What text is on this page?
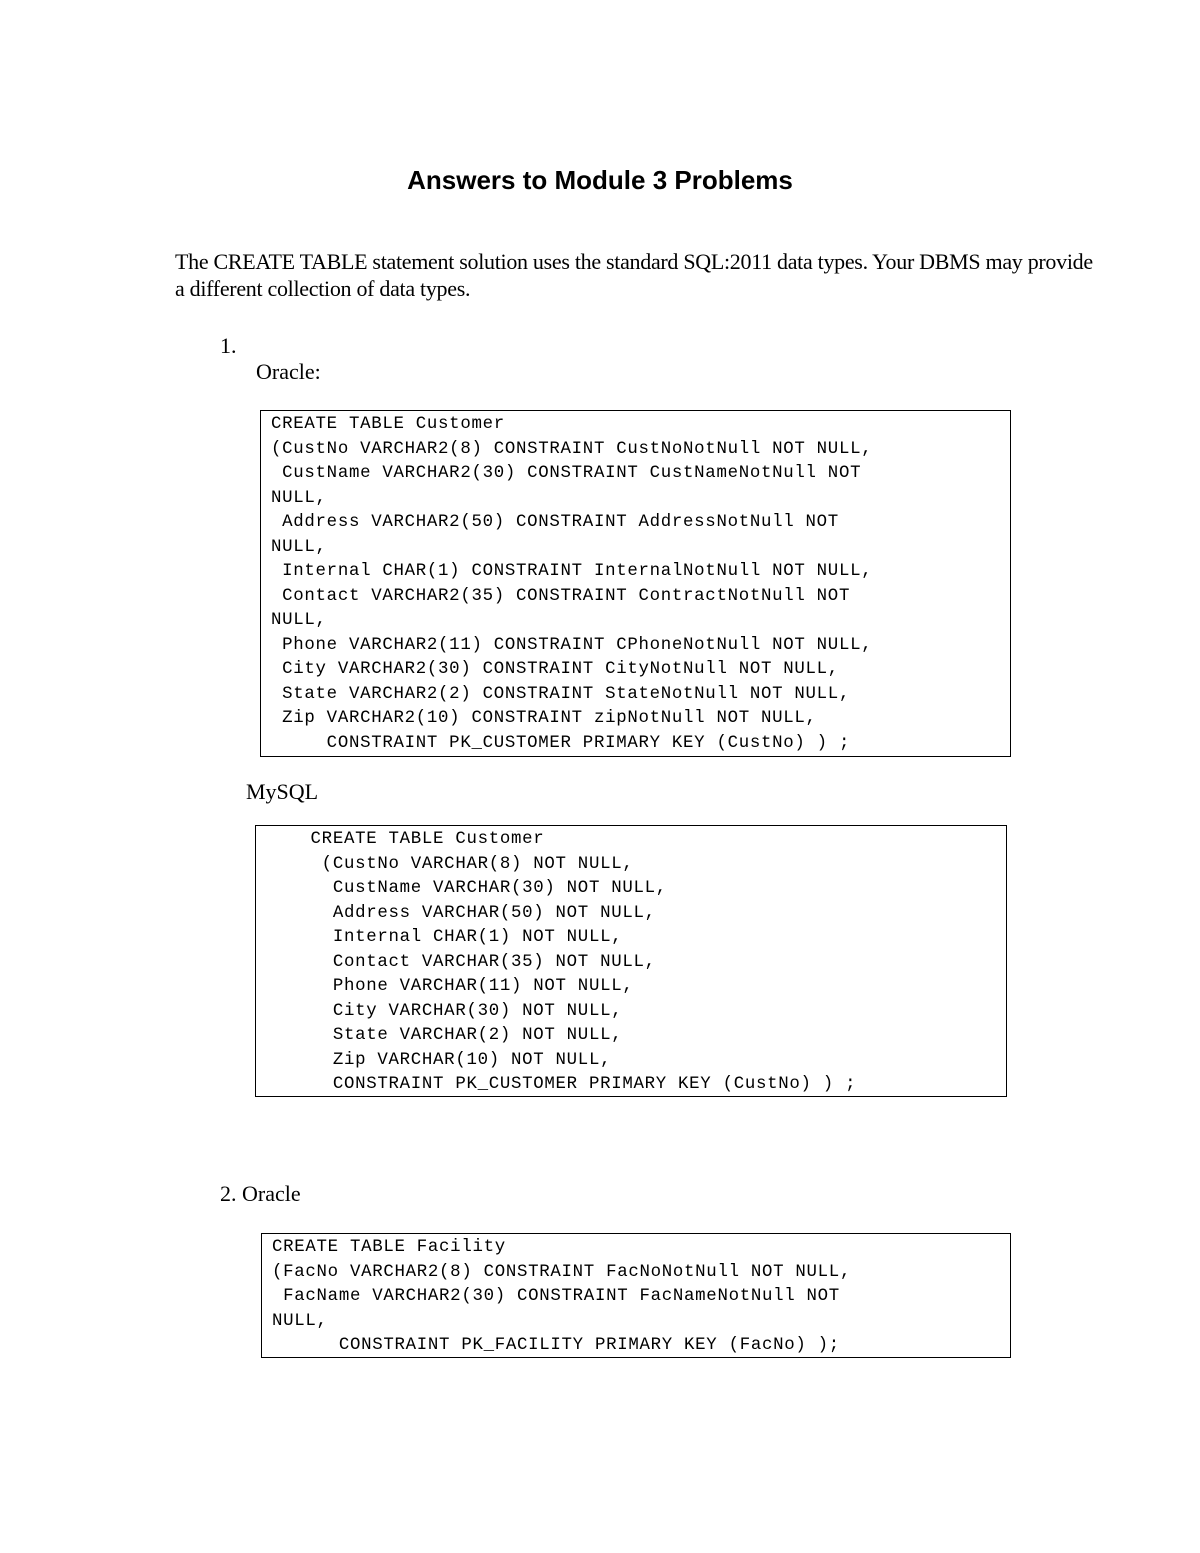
Answers to Module 3 Problems
The CREATE TABLE statement solution uses the standard SQL:2011 data types. Your DBMS may provide a different collection of data types.
1.
Oracle:
CREATE TABLE Customer
(CustNo VARCHAR2(8) CONSTRAINT CustNoNotNull NOT NULL,
CustName VARCHAR2(30) CONSTRAINT CustNameNotNull NOT
NULL,
Address VARCHAR2(50) CONSTRAINT AddressNotNull NOT
NULL,
Internal CHAR(1) CONSTRAINT InternalNotNull NOT NULL,
Contact VARCHAR2(35) CONSTRAINT ContractNotNull NOT
NULL,
Phone VARCHAR2(11) CONSTRAINT CPhoneNotNull NOT NULL,
City VARCHAR2(30) CONSTRAINT CityNotNull NOT NULL,
State VARCHAR2(2) CONSTRAINT StateNotNull NOT NULL,
Zip VARCHAR2(10) CONSTRAINT zipNotNull NOT NULL,
CONSTRAINT PK_CUSTOMER PRIMARY KEY (CustNo) ) ;
MySQL
CREATE TABLE Customer
(CustNo VARCHAR(8) NOT NULL,
CustName VARCHAR(30) NOT NULL,
Address VARCHAR(50) NOT NULL,
Internal CHAR(1) NOT NULL,
Contact VARCHAR(35) NOT NULL,
Phone VARCHAR(11) NOT NULL,
City VARCHAR(30) NOT NULL,
State VARCHAR(2) NOT NULL,
Zip VARCHAR(10) NOT NULL,
CONSTRAINT PK_CUSTOMER PRIMARY KEY (CustNo) ) ;
2. Oracle
CREATE TABLE Facility
(FacNo VARCHAR2(8) CONSTRAINT FacNoNotNull NOT NULL,
FacName VARCHAR2(30) CONSTRAINT FacNameNotNull NOT
NULL,
CONSTRAINT PK_FACILITY PRIMARY KEY (FacNo) );
